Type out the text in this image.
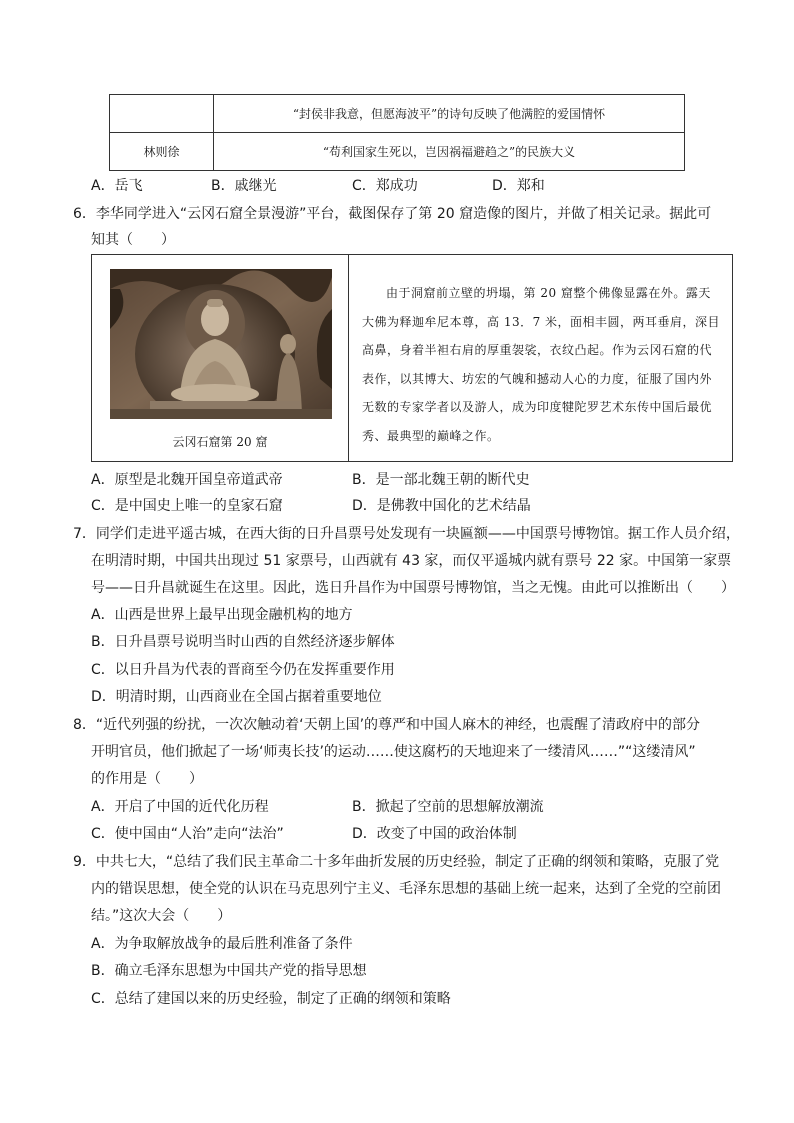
	“封侯非我意，但愿海波平”的诗句反映了他满腔的爱国情怀
林则徐	“苟利国家生死以，岂因祸福避趋之”的民族大义
A．岳飞	B．戚继光	C．郑成功	D．郑和
6．李华同学进入“云冈石窟全景漫游”平台，截图保存了第 20 窟造像的图片，并做了相关记录。据此可
知其（　　）
云冈石窟第 20 窟
由于洞窟前立壁的坍塌，第 20 窟整个佛像显露在外。露天大佛为释迦牟尼本尊，高 13．7 米，面相丰圆，两耳垂肩，深目高鼻，身着半袒右肩的厚重袈裟，衣纹凸起。作为云冈石窟的代表作，以其博大、坊宏的气魄和撼动人心的力度，征服了国内外无数的专家学者以及游人，成为印度犍陀罗艺术东传中国后最优秀、最典型的巅峰之作。
A．原型是北魏开国皇帝道武帝	B．是一部北魏王朝的断代史
C．是中国史上唯一的皇家石窟	D．是佛教中国化的艺术结晶
7．同学们走进平遥古城，在西大街的日升昌票号处发现有一块匾额——中国票号博物馆。据工作人员介绍，
在明清时期，中国共出现过 51 家票号，山西就有 43 家，而仅平遥城内就有票号 22 家。中国第一家票
号——日升昌就诞生在这里。因此，选日升昌作为中国票号博物馆，当之无愧。由此可以推断出（　　）
A．山西是世界上最早出现金融机构的地方
B．日升昌票号说明当时山西的自然经济逐步解体
C．以日升昌为代表的晋商至今仍在发挥重要作用
D．明清时期，山西商业在全国占据着重要地位
8．“近代列强的纷扰，一次次触动着‘天朝上国’的尊严和中国人麻木的神经，也震醒了清政府中的部分
开明官员，他们掀起了一场‘师夷长技’的运动……使这腐朽的天地迎来了一缕清风……”“这缕清风”
的作用是（　　）
A．开启了中国的近代化历程	B．掀起了空前的思想解放潮流
C．使中国由“人治”走向“法治”	D．改变了中国的政治体制
9．中共七大，“总结了我们民主革命二十多年曲折发展的历史经验，制定了正确的纲领和策略，克服了党
内的错误思想，使全党的认识在马克思列宁主义、毛泽东思想的基础上统一起来，达到了全党的空前团
结。”这次大会（　　）
A．为争取解放战争的最后胜利准备了条件
B．确立毛泽东思想为中国共产党的指导思想
C．总结了建国以来的历史经验，制定了正确的纲领和策略
